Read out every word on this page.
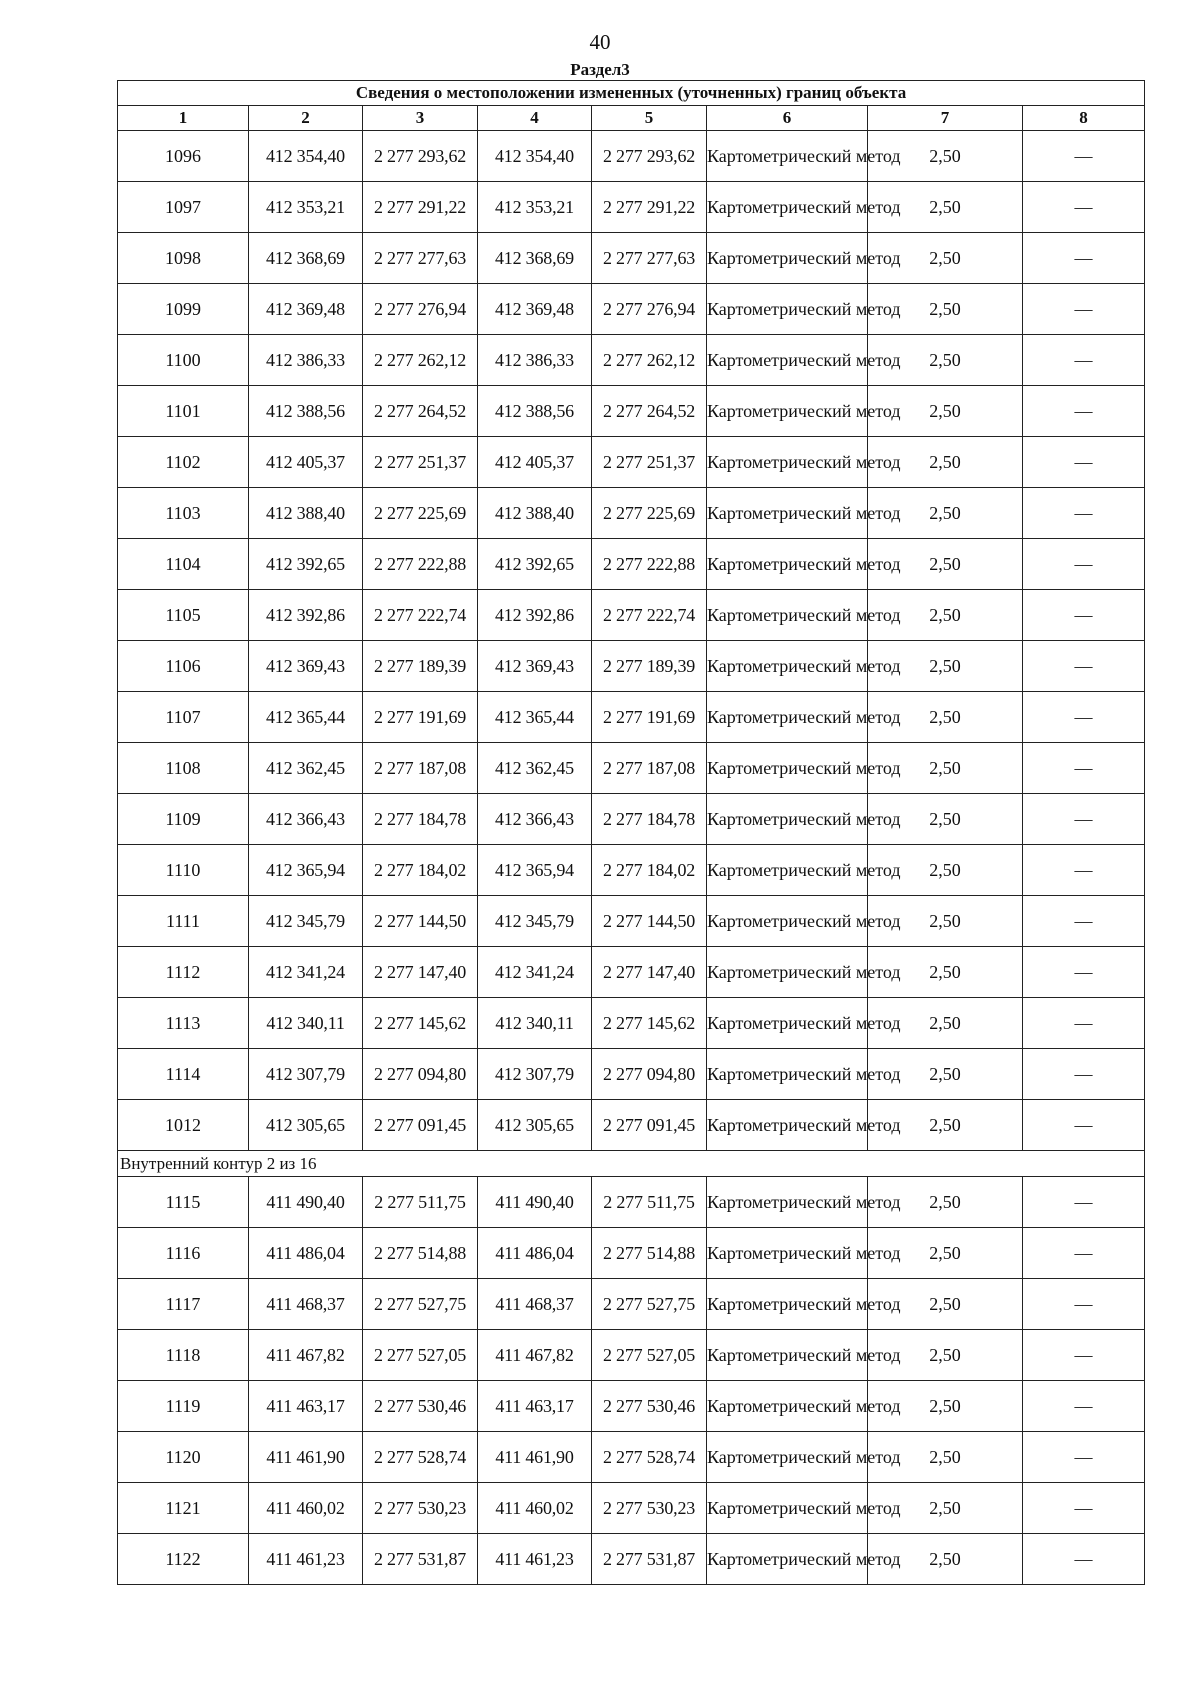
40
Раздел3
Сведения о местоположении измененных (уточненных) границ объекта							
1	2	3	4	5	6	7	8
1096	412 354,40	2 277 293,62	412 354,40	2 277 293,62	Картометрический метод	2,50	—
1097	412 353,21	2 277 291,22	412 353,21	2 277 291,22	Картометрический метод	2,50	—
1098	412 368,69	2 277 277,63	412 368,69	2 277 277,63	Картометрический метод	2,50	—
1099	412 369,48	2 277 276,94	412 369,48	2 277 276,94	Картометрический метод	2,50	—
1100	412 386,33	2 277 262,12	412 386,33	2 277 262,12	Картометрический метод	2,50	—
1101	412 388,56	2 277 264,52	412 388,56	2 277 264,52	Картометрический метод	2,50	—
1102	412 405,37	2 277 251,37	412 405,37	2 277 251,37	Картометрический метод	2,50	—
1103	412 388,40	2 277 225,69	412 388,40	2 277 225,69	Картометрический метод	2,50	—
1104	412 392,65	2 277 222,88	412 392,65	2 277 222,88	Картометрический метод	2,50	—
1105	412 392,86	2 277 222,74	412 392,86	2 277 222,74	Картометрический метод	2,50	—
1106	412 369,43	2 277 189,39	412 369,43	2 277 189,39	Картометрический метод	2,50	—
1107	412 365,44	2 277 191,69	412 365,44	2 277 191,69	Картометрический метод	2,50	—
1108	412 362,45	2 277 187,08	412 362,45	2 277 187,08	Картометрический метод	2,50	—
1109	412 366,43	2 277 184,78	412 366,43	2 277 184,78	Картометрический метод	2,50	—
1110	412 365,94	2 277 184,02	412 365,94	2 277 184,02	Картометрический метод	2,50	—
1111	412 345,79	2 277 144,50	412 345,79	2 277 144,50	Картометрический метод	2,50	—
1112	412 341,24	2 277 147,40	412 341,24	2 277 147,40	Картометрический метод	2,50	—
1113	412 340,11	2 277 145,62	412 340,11	2 277 145,62	Картометрический метод	2,50	—
1114	412 307,79	2 277 094,80	412 307,79	2 277 094,80	Картометрический метод	2,50	—
1012	412 305,65	2 277 091,45	412 305,65	2 277 091,45	Картометрический метод	2,50	—
Внутренний контур 2 из 16							
1115	411 490,40	2 277 511,75	411 490,40	2 277 511,75	Картометрический метод	2,50	—
1116	411 486,04	2 277 514,88	411 486,04	2 277 514,88	Картометрический метод	2,50	—
1117	411 468,37	2 277 527,75	411 468,37	2 277 527,75	Картометрический метод	2,50	—
1118	411 467,82	2 277 527,05	411 467,82	2 277 527,05	Картометрический метод	2,50	—
1119	411 463,17	2 277 530,46	411 463,17	2 277 530,46	Картометрический метод	2,50	—
1120	411 461,90	2 277 528,74	411 461,90	2 277 528,74	Картометрический метод	2,50	—
1121	411 460,02	2 277 530,23	411 460,02	2 277 530,23	Картометрический метод	2,50	—
1122	411 461,23	2 277 531,87	411 461,23	2 277 531,87	Картометрический метод	2,50	—
